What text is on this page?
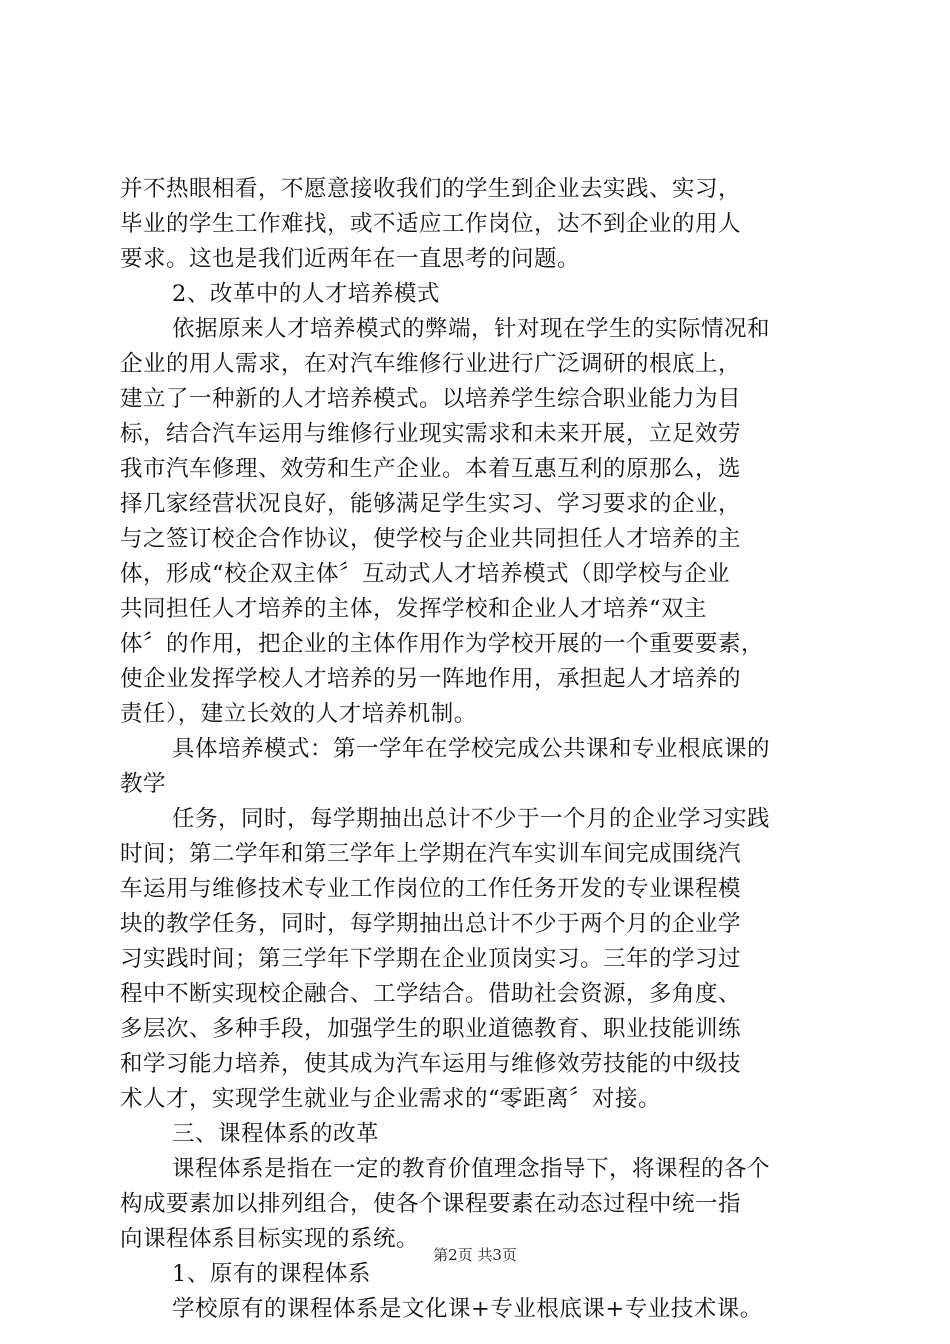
并不热眼相看，不愿意接收我们的学生到企业去实践、实习，
毕业的学生工作难找，或不适应工作岗位，达不到企业的用人
要求。这也是我们近两年在一直思考的问题。
2、改革中的人才培养模式
依据原来人才培养模式的弊端，针对现在学生的实际情况和
企业的用人需求，在对汽车维修行业进行广泛调研的根底上，
建立了一种新的人才培养模式。以培养学生综合职业能力为目
标，结合汽车运用与维修行业现实需求和未来开展，立足效劳
我市汽车修理、效劳和生产企业。本着互惠互利的原那么，选
择几家经营状况良好，能够满足学生实习、学习要求的企业，
与之签订校企合作协议，使学校与企业共同担任人才培养的主
体，形成“校企双主体〞互动式人才培养模式（即学校与企业
共同担任人才培养的主体，发挥学校和企业人才培养“双主
体〞的作用，把企业的主体作用作为学校开展的一个重要要素，
使企业发挥学校人才培养的另一阵地作用，承担起人才培养的
责任），建立长效的人才培养机制。
具体培养模式：第一学年在学校完成公共课和专业根底课的
教学
任务，同时，每学期抽出总计不少于一个月的企业学习实践
时间；第二学年和第三学年上学期在汽车实训车间完成围绕汽
车运用与维修技术专业工作岗位的工作任务开发的专业课程模
块的教学任务，同时，每学期抽出总计不少于两个月的企业学
习实践时间；第三学年下学期在企业顶岗实习。三年的学习过
程中不断实现校企融合、工学结合。借助社会资源，多角度、
多层次、多种手段，加强学生的职业道德教育、职业技能训练
和学习能力培养，使其成为汽车运用与维修效劳技能的中级技
术人才，实现学生就业与企业需求的“零距离〞对接。
三、课程体系的改革
课程体系是指在一定的教育价值理念指导下，将课程的各个
构成要素加以排列组合，使各个课程要素在动态过程中统一指
向课程体系目标实现的系统。
1、原有的课程体系
学校原有的课程体系是文化课+专业根底课+专业技术课。
第2页 共3页
